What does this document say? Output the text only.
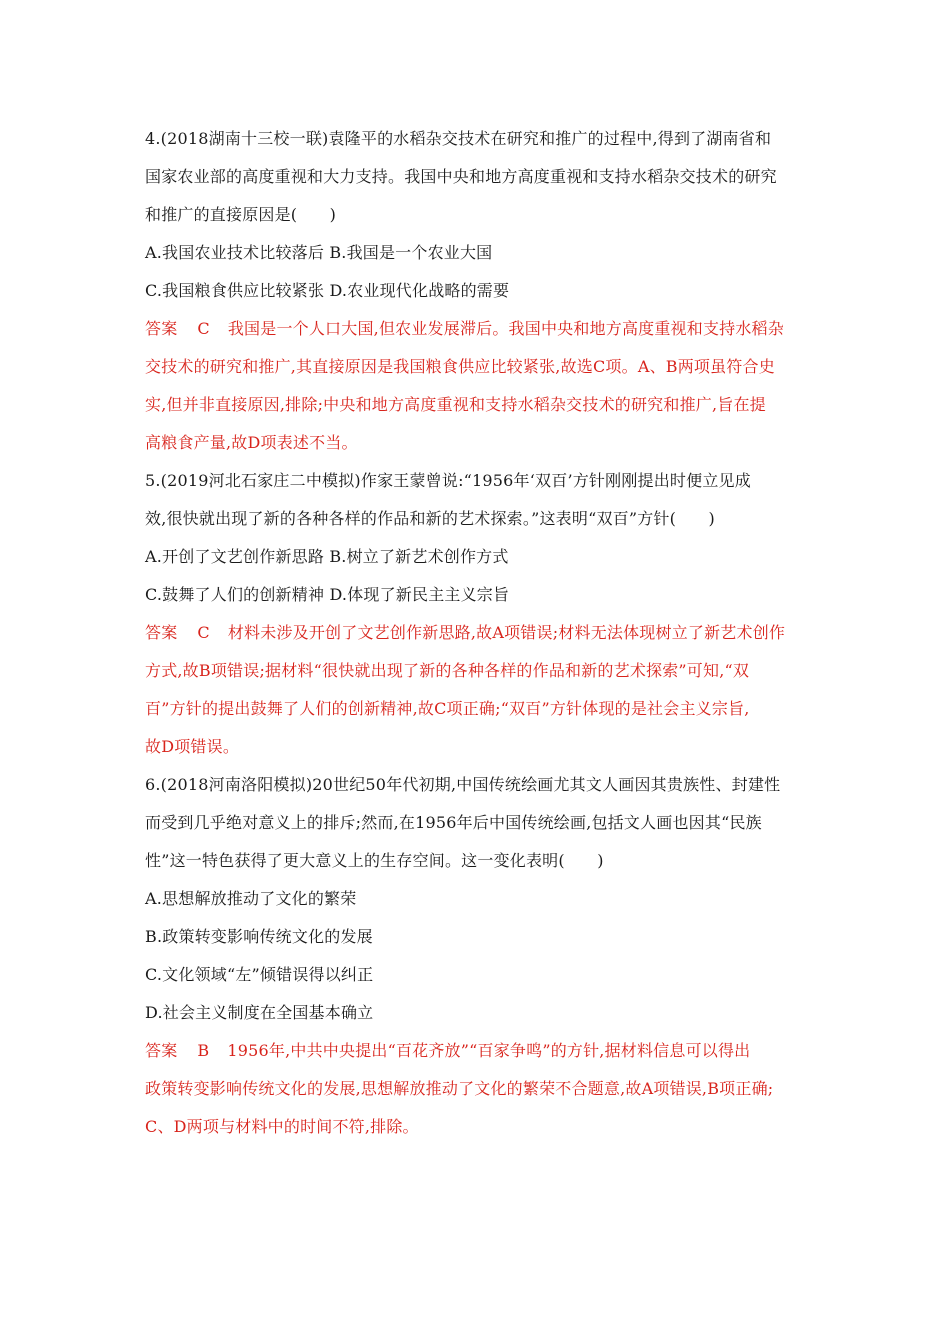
4.(2018湖南十三校一联)袁隆平的水稻杂交技术在研究和推广的过程中,得到了湖南省和
国家农业部的高度重视和大力支持。我国中央和地方高度重视和支持水稻杂交技术的研究
和推广的直接原因是(　　)
A.我国农业技术比较落后 B.我国是一个农业大国
C.我国粮食供应比较紧张 D.农业现代化战略的需要
答案 C 我国是一个人口大国,但农业发展滞后。我国中央和地方高度重视和支持水稻杂
交技术的研究和推广,其直接原因是我国粮食供应比较紧张,故选C项。A、B两项虽符合史
实,但并非直接原因,排除;中央和地方高度重视和支持水稻杂交技术的研究和推广,旨在提
高粮食产量,故D项表述不当。
5.(2019河北石家庄二中模拟)作家王蒙曾说:“1956年‘双百’方针刚刚提出时便立见成
效,很快就出现了新的各种各样的作品和新的艺术探索。”这表明“双百”方针(　　)
A.开创了文艺创作新思路 B.树立了新艺术创作方式
C.鼓舞了人们的创新精神 D.体现了新民主主义宗旨
答案 C 材料未涉及开创了文艺创作新思路,故A项错误;材料无法体现树立了新艺术创作
方式,故B项错误;据材料“很快就出现了新的各种各样的作品和新的艺术探索”可知,“双
百”方针的提出鼓舞了人们的创新精神,故C项正确;“双百”方针体现的是社会主义宗旨,
故D项错误。
6.(2018河南洛阳模拟)20世纪50年代初期,中国传统绘画尤其文人画因其贵族性、封建性
而受到几乎绝对意义上的排斥;然而,在1956年后中国传统绘画,包括文人画也因其“民族
性”这一特色获得了更大意义上的生存空间。这一变化表明(　　)
A.思想解放推动了文化的繁荣
B.政策转变影响传统文化的发展
C.文化领域“左”倾错误得以纠正
D.社会主义制度在全国基本确立
答案 B 1956年,中共中央提出“百花齐放”“百家争鸣”的方针,据材料信息可以得出
政策转变影响传统文化的发展,思想解放推动了文化的繁荣不合题意,故A项错误,B项正确;
C、D两项与材料中的时间不符,排除。
